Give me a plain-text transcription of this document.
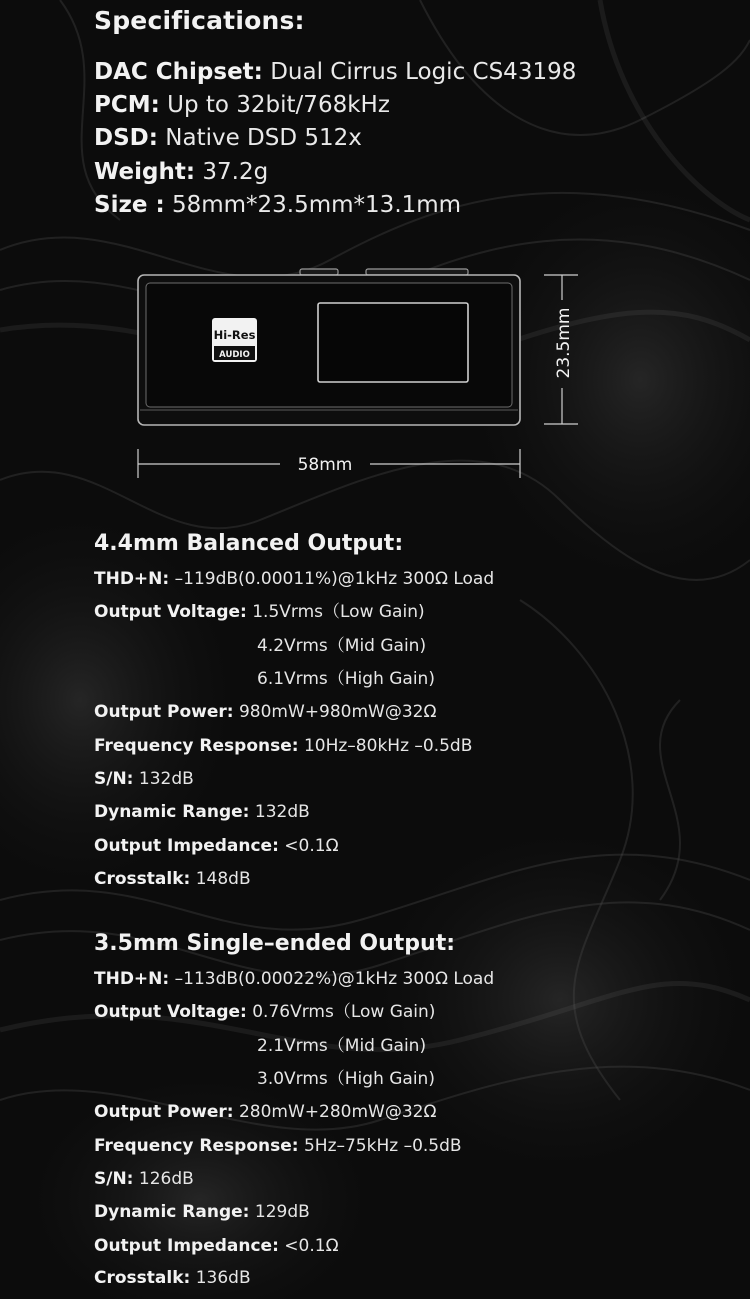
Specifications:
DAC Chipset: Dual Cirrus Logic CS43198
PCM: Up to 32bit/768kHz
DSD: Native DSD 512x
Weight: 37.2g
Size : 58mm*23.5mm*13.1mm
Hi-Res
AUDIO
58mm
23.5mm
4.4mm Balanced Output:
THD+N: –119dB(0.00011%)@1kHz 300Ω Load
Output Voltage: 1.5Vrms（Low Gain)
4.2Vrms（Mid Gain)
6.1Vrms（High Gain)
Output Power: 980mW+980mW@32Ω
Frequency Response: 10Hz–80kHz –0.5dB
S/N: 132dB
Dynamic Range: 132dB
Output Impedance: <0.1Ω
Crosstalk: 148dB
3.5mm Single–ended Output:
THD+N: –113dB(0.00022%)@1kHz 300Ω Load
Output Voltage: 0.76Vrms（Low Gain)
2.1Vrms（Mid Gain)
3.0Vrms（High Gain)
Output Power: 280mW+280mW@32Ω
Frequency Response: 5Hz–75kHz –0.5dB
S/N: 126dB
Dynamic Range: 129dB
Output Impedance: <0.1Ω
Crosstalk: 136dB
